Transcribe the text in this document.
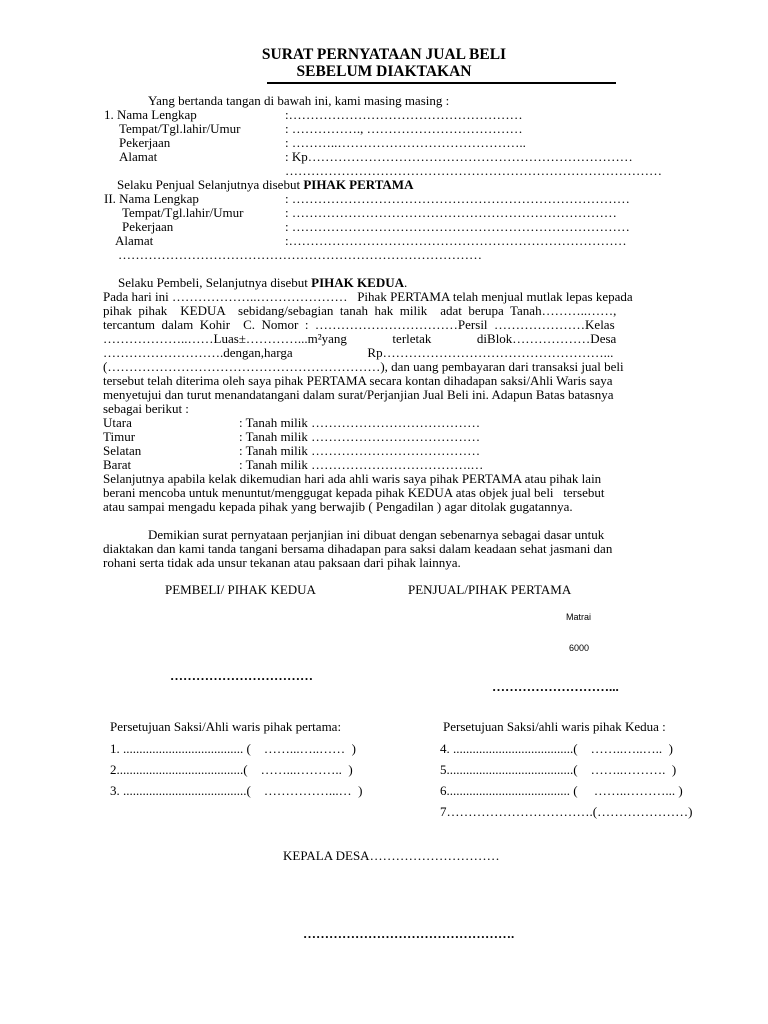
SURAT PERNYATAAN JUAL BELI
SEBELUM DIAKTAKAN
Yang bertanda tangan di bawah ini, kami masing masing :
1. Nama Lengkap	:………………………………………………
Tempat/Tgl.lahir/Umur	: ……………., ………………………………
Pekerjaan	: ………..……………………………………..
Alamat	: Kp…………………………………………………………………
……………………………………………………………………………
Selaku Penjual Selanjutnya disebut PIHAK PERTAMA
II. Nama Lengkap	: ……………………………………………………………………
Tempat/Tgl.lahir/Umur	: …………………………………………………………………
Pekerjaan	: ……………………………………………………………………
Alamat	:……………………………………………………………………
…………………………………………………………………………
Selaku Pembeli, Selanjutnya disebut PIHAK KEDUA.
Pada hari ini ………………..…………………   Pihak PERTAMA telah menjual mutlak lepas kepada
pihak  pihak    KEDUA    sebidang/sebagian  tanah  hak  milik    adat  berupa  Tanah………..……,
tercantum  dalam  Kohir    C.  Nomor  :  ……………………………Persil  …………………Kelas
………………..……Luas±…………...m²yang              terletak              diBlok………………Desa
……………………….dengan,harga                       Rp……………………………………………...
(………………………………………………………), dan uang pembayaran dari transaksi jual beli
tersebut telah diterima oleh saya pihak PERTAMA secara kontan dihadapan saksi/Ahli Waris saya
menyetujui dan turut menandatangani dalam surat/Perjanjian Jual Beli ini. Adapun Batas batasnya
sebagai berikut :
Utara	: Tanah milik …………………………………
Timur	: Tanah milik …………………………………
Selatan	: Tanah milik …………………………………
Barat	: Tanah milik ……………………………….…
Selanjutnya apabila kelak dikemudian hari ada ahli waris saya pihak PERTAMA atau pihak lain
berani mencoba untuk menuntut/menggugat kepada pihak KEDUA atas objek jual beli   tersebut
atau sampai mengadu kepada pihak yang berwajib ( Pengadilan ) agar ditolak gugatannya.
Demikian surat pernyataan perjanjian ini dibuat dengan sebenarnya sebagai dasar untuk
diaktakan dan kami tanda tangani bersama dihadapan para saksi dalam keadaan sehat jasmani dan
rohani serta tidak ada unsur tekanan atau paksaan dari pihak lainnya.
PEMBELI/ PIHAK KEDUA	PENJUAL/PIHAK PERTAMA
Matrai
6000
……………………………
………………………...
Persetujuan Saksi/Ahli waris pihak pertama:	Persetujuan Saksi/ahli waris pihak Kedua :
1. ..................................... (    ……...…..……  )
2.......................................(    ……...………..  )
3. ......................................(    ……………...…  )
4. .....................................(    ……..…..…..  )
5.......................................(    ……..……….  )
6...................................... (     ……..………... )
7…………………………….(…………………)
KEPALA DESA…………………………
………………………………………….
